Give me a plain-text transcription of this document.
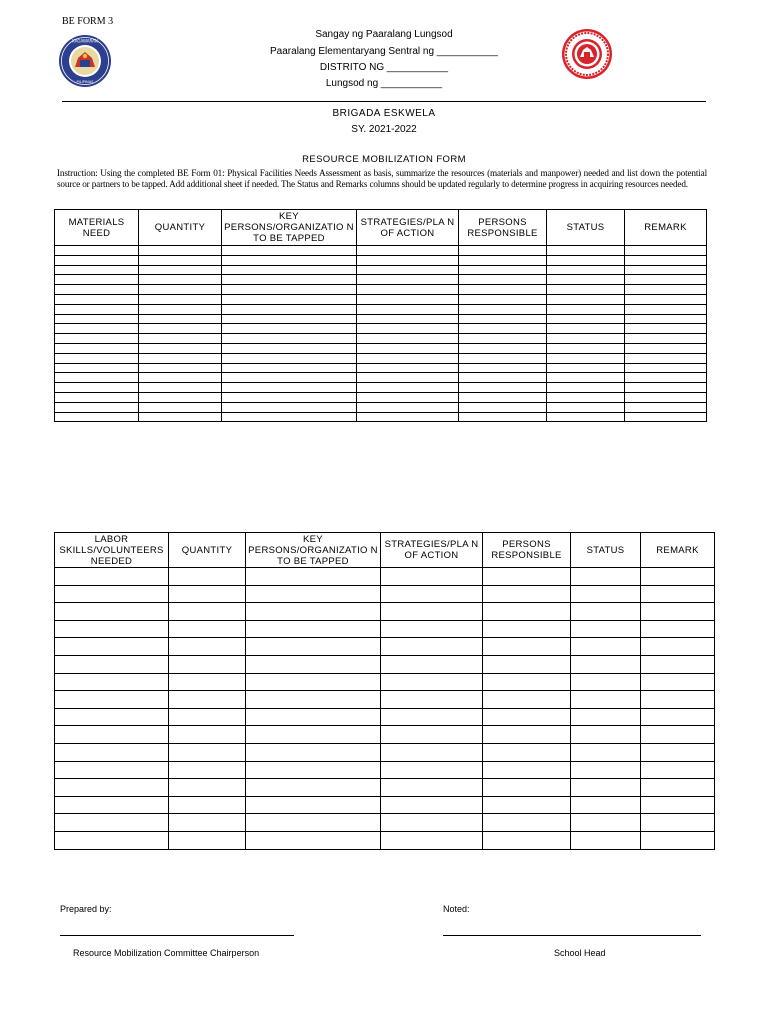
BE FORM 3
KAGAWARAN
PILIPINAS
Sangay ng Paaralang Lungsod
Paaralang Elementaryang Sentral ng ___________
DISTRITO NG ___________
Lungsod ng ___________
BRIGADA ESKWELA
SY. 2021-2022
RESOURCE MOBILIZATION FORM
Instruction: Using the completed BE Form 01: Physical Facilities Needs Assessment as basis, summarize the resources (materials and manpower) needed and list down the potential source or partners to be tapped. Add additional sheet if needed. The Status and Remarks columns should be updated regularly to determine progress in acquiring resources needed.
MATERIALS NEED	QUANTITY	KEY PERSONS/ORGANIZATIO N TO BE TAPPED	STRATEGIES/PLA N OF ACTION	PERSONS RESPONSIBLE	STATUS	REMARK

LABOR SKILLS/VOLUNTEERS NEEDED	QUANTITY	KEY PERSONS/ORGANIZATIO N TO BE TAPPED	STRATEGIES/PLA N OF ACTION	PERSONS RESPONSIBLE	STATUS	REMARK

Prepared by:
Resource Mobilization Committee Chairperson
Noted:
School Head
